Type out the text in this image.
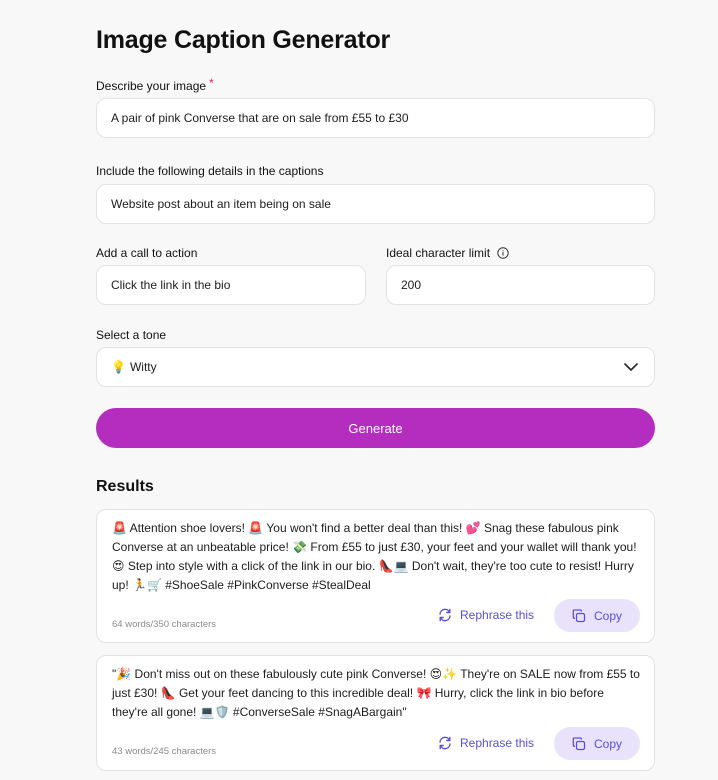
Image Caption Generator
Describe your image *
A pair of pink Converse that are on sale from £55 to £30
Include the following details in the captions
Website post about an item being on sale
Add a call to action
Click the link in the bio
Ideal character limit
200
Select a tone
💡 Witty
Generate
Results
🚨 Attention shoe lovers! 🚨 You won't find a better deal than this! 💕 Snag these fabulous pink Converse at an unbeatable price! 💸 From £55 to just £30, your feet and your wallet will thank you! 😍 Step into style with a click of the link in our bio. 👠💻 Don't wait, they're too cute to resist! Hurry up! 🏃🛒 #ShoeSale #PinkConverse #StealDeal
64 words/350 characters
Rephrase this	Copy
"🎉 Don't miss out on these fabulously cute pink Converse! 😍✨ They're on SALE now from £55 to just £30! 👠 Get your feet dancing to this incredible deal! 🎀 Hurry, click the link in bio before they're all gone! 💻🛡️ #ConverseSale #SnagABargain"
43 words/245 characters
Rephrase this	Copy
